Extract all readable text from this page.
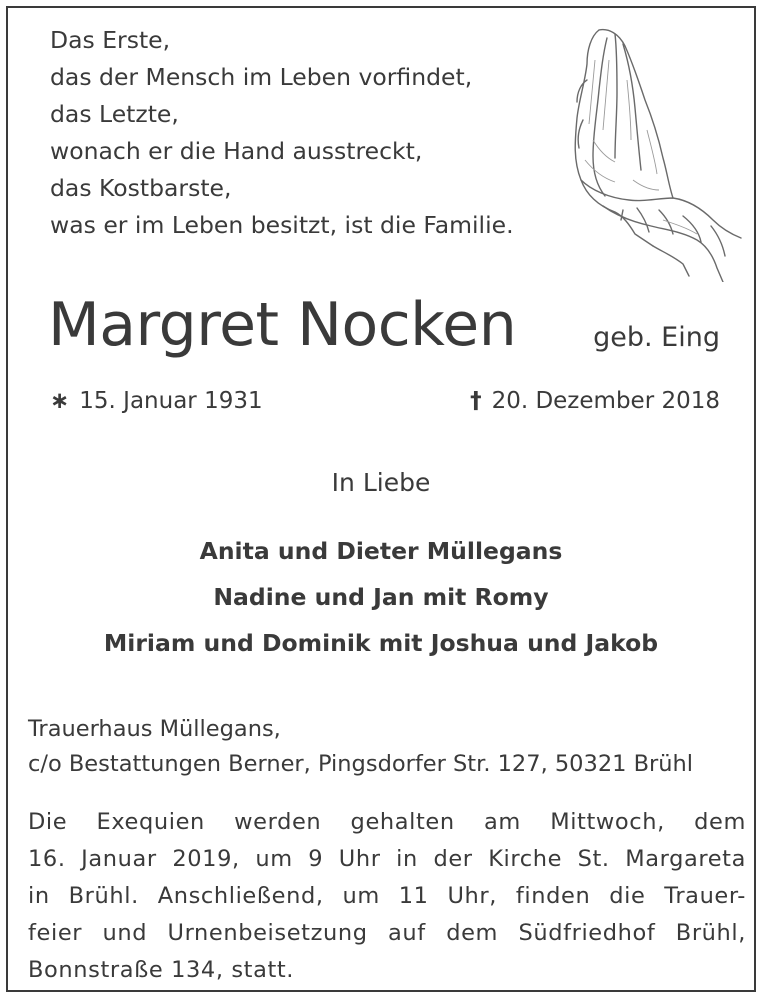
Das Erste,
das der Mensch im Leben vorfindet,
das Letzte,
wonach er die Hand ausstreckt,
das Kostbarste,
was er im Leben besitzt, ist die Familie.
Margret Nocken	geb. Eing
∗ 15. Januar 1931	† 20. Dezember 2018
In Liebe
Anita und Dieter Müllegans
Nadine und Jan mit Romy
Miriam und Dominik mit Joshua und Jakob
Trauerhaus Müllegans,
c/o Bestattungen Berner, Pingsdorfer Str. 127, 50321 Brühl
Die Exequien werden gehalten am Mittwoch, dem
16. Januar 2019, um 9 Uhr in der Kirche St. Margareta
in Brühl. Anschließend, um 11 Uhr, finden die Trauer-
feier und Urnenbeisetzung auf dem Südfriedhof Brühl,
Bonnstraße 134, statt.
